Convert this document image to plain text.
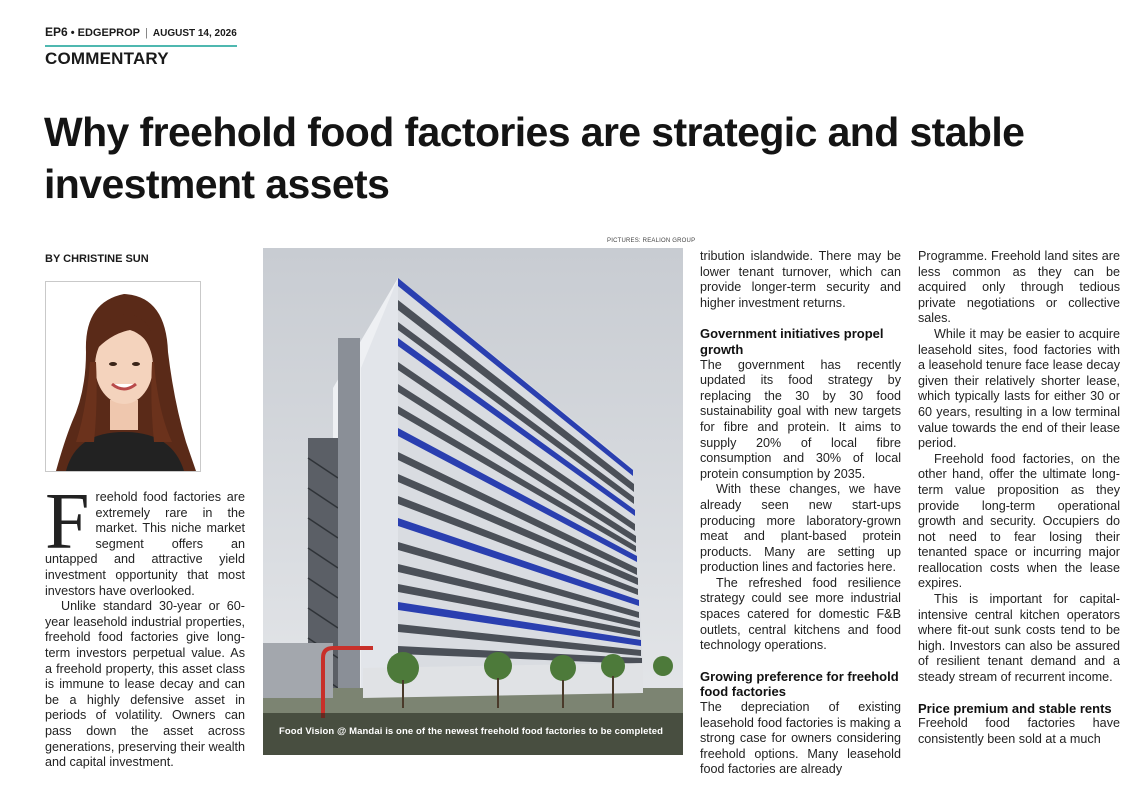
EP6 • EDGEPROP | AUGUST 14, 2026
COMMENTARY
Why freehold food factories are strategic and stable investment assets
BY CHRISTINE SUN
PICTURES: REALION GROUP
Food Vision @ Mandai is one of the newest freehold food factories to be completed

Freehold food factories are extremely rare in the market. This niche market segment offers an untapped and attractive yield investment opportunity that most investors have overlooked.

Unlike standard 30-year or 60-year leasehold industrial properties, freehold food factories give long-term investors perpetual value. As a freehold property, this asset class is immune to lease decay and can be a highly defensive asset in periods of volatility. Owners can pass down the asset across generations, preserving their wealth and capital investment.

tribution islandwide. There may be lower tenant turnover, which can provide longer-term security and higher investment returns.

Government initiatives propel growth

The government has recently updated its food strategy by replacing the 30 by 30 food sustainability goal with new targets for fibre and protein. It aims to supply 20% of local fibre consumption and 30% of local protein consumption by 2035.

With these changes, we have already seen new start-ups producing more laboratory-grown meat and plant-based protein products. Many are setting up production lines and factories here.

The refreshed food resilience strategy could see more industrial spaces catered for domestic F&B outlets, central kitchens and food technology operations.

Growing preference for freehold food factories

The depreciation of existing leasehold food factories is making a strong case for owners considering freehold options. Many leasehold food factories are already

Programme. Freehold land sites are less common as they can be acquired only through tedious private negotiations or collective sales.

While it may be easier to acquire leasehold sites, food factories with a leasehold tenure face lease decay given their relatively shorter lease, which typically lasts for either 30 or 60 years, resulting in a low terminal value towards the end of their lease period.

Freehold food factories, on the other hand, offer the ultimate long-term value proposition as they provide long-term operational growth and security. Occupiers do not need to fear losing their tenanted space or incurring major reallocation costs when the lease expires.

This is important for capital-intensive central kitchen operators where fit-out sunk costs tend to be high. Investors can also be assured of resilient tenant demand and a steady stream of recurrent income.

Price premium and stable rents

Freehold food factories have consistently been sold at a much
